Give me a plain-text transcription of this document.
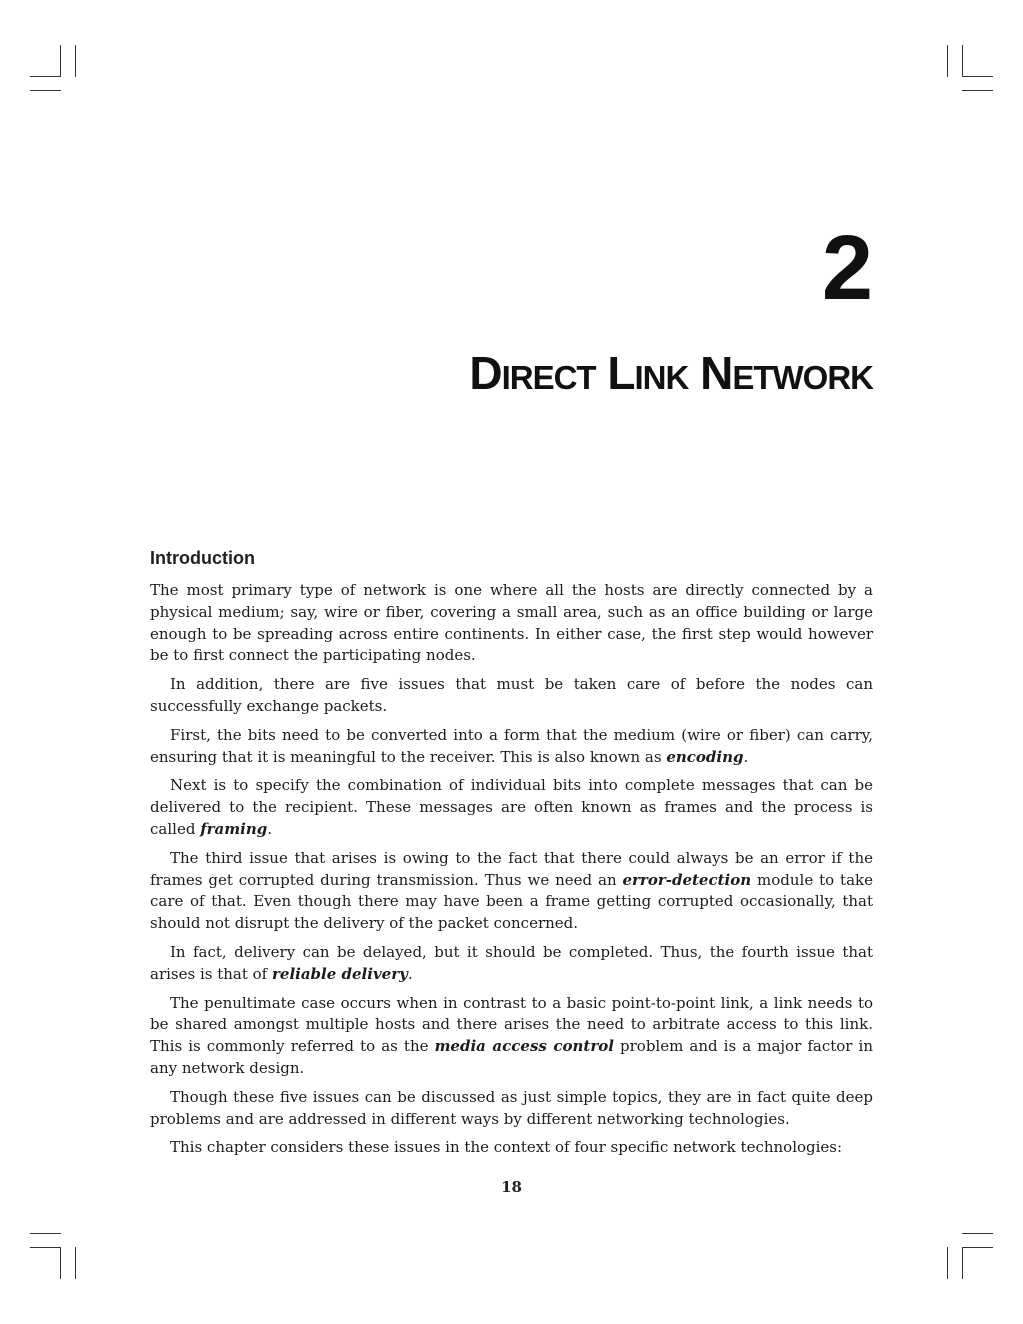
2
DIRECT LINK NETWORK
Introduction

The most primary type of network is one where all the hosts are directly connected by a physical medium; say, wire or fiber, covering a small area, such as an office building or large enough to be spreading across entire continents. In either case, the first step would however be to first connect the participating nodes.

In addition, there are five issues that must be taken care of before the nodes can successfully exchange packets.

First, the bits need to be converted into a form that the medium (wire or fiber) can carry, ensuring that it is meaningful to the receiver. This is also known as encoding.

Next is to specify the combination of individual bits into complete messages that can be delivered to the recipient. These messages are often known as frames and the process is called framing.

The third issue that arises is owing to the fact that there could always be an error if the frames get corrupted during transmission. Thus we need an error-detection module to take care of that. Even though there may have been a frame getting corrupted occasionally, that should not disrupt the delivery of the packet concerned.

In fact, delivery can be delayed, but it should be completed. Thus, the fourth issue that arises is that of reliable delivery.

The penultimate case occurs when in contrast to a basic point-to-point link, a link needs to be shared amongst multiple hosts and there arises the need to arbitrate access to this link. This is commonly referred to as the media access control problem and is a major factor in any network design.

Though these five issues can be discussed as just simple topics, they are in fact quite deep problems and are addressed in different ways by different networking technologies.

This chapter considers these issues in the context of four specific network technologies:

18
